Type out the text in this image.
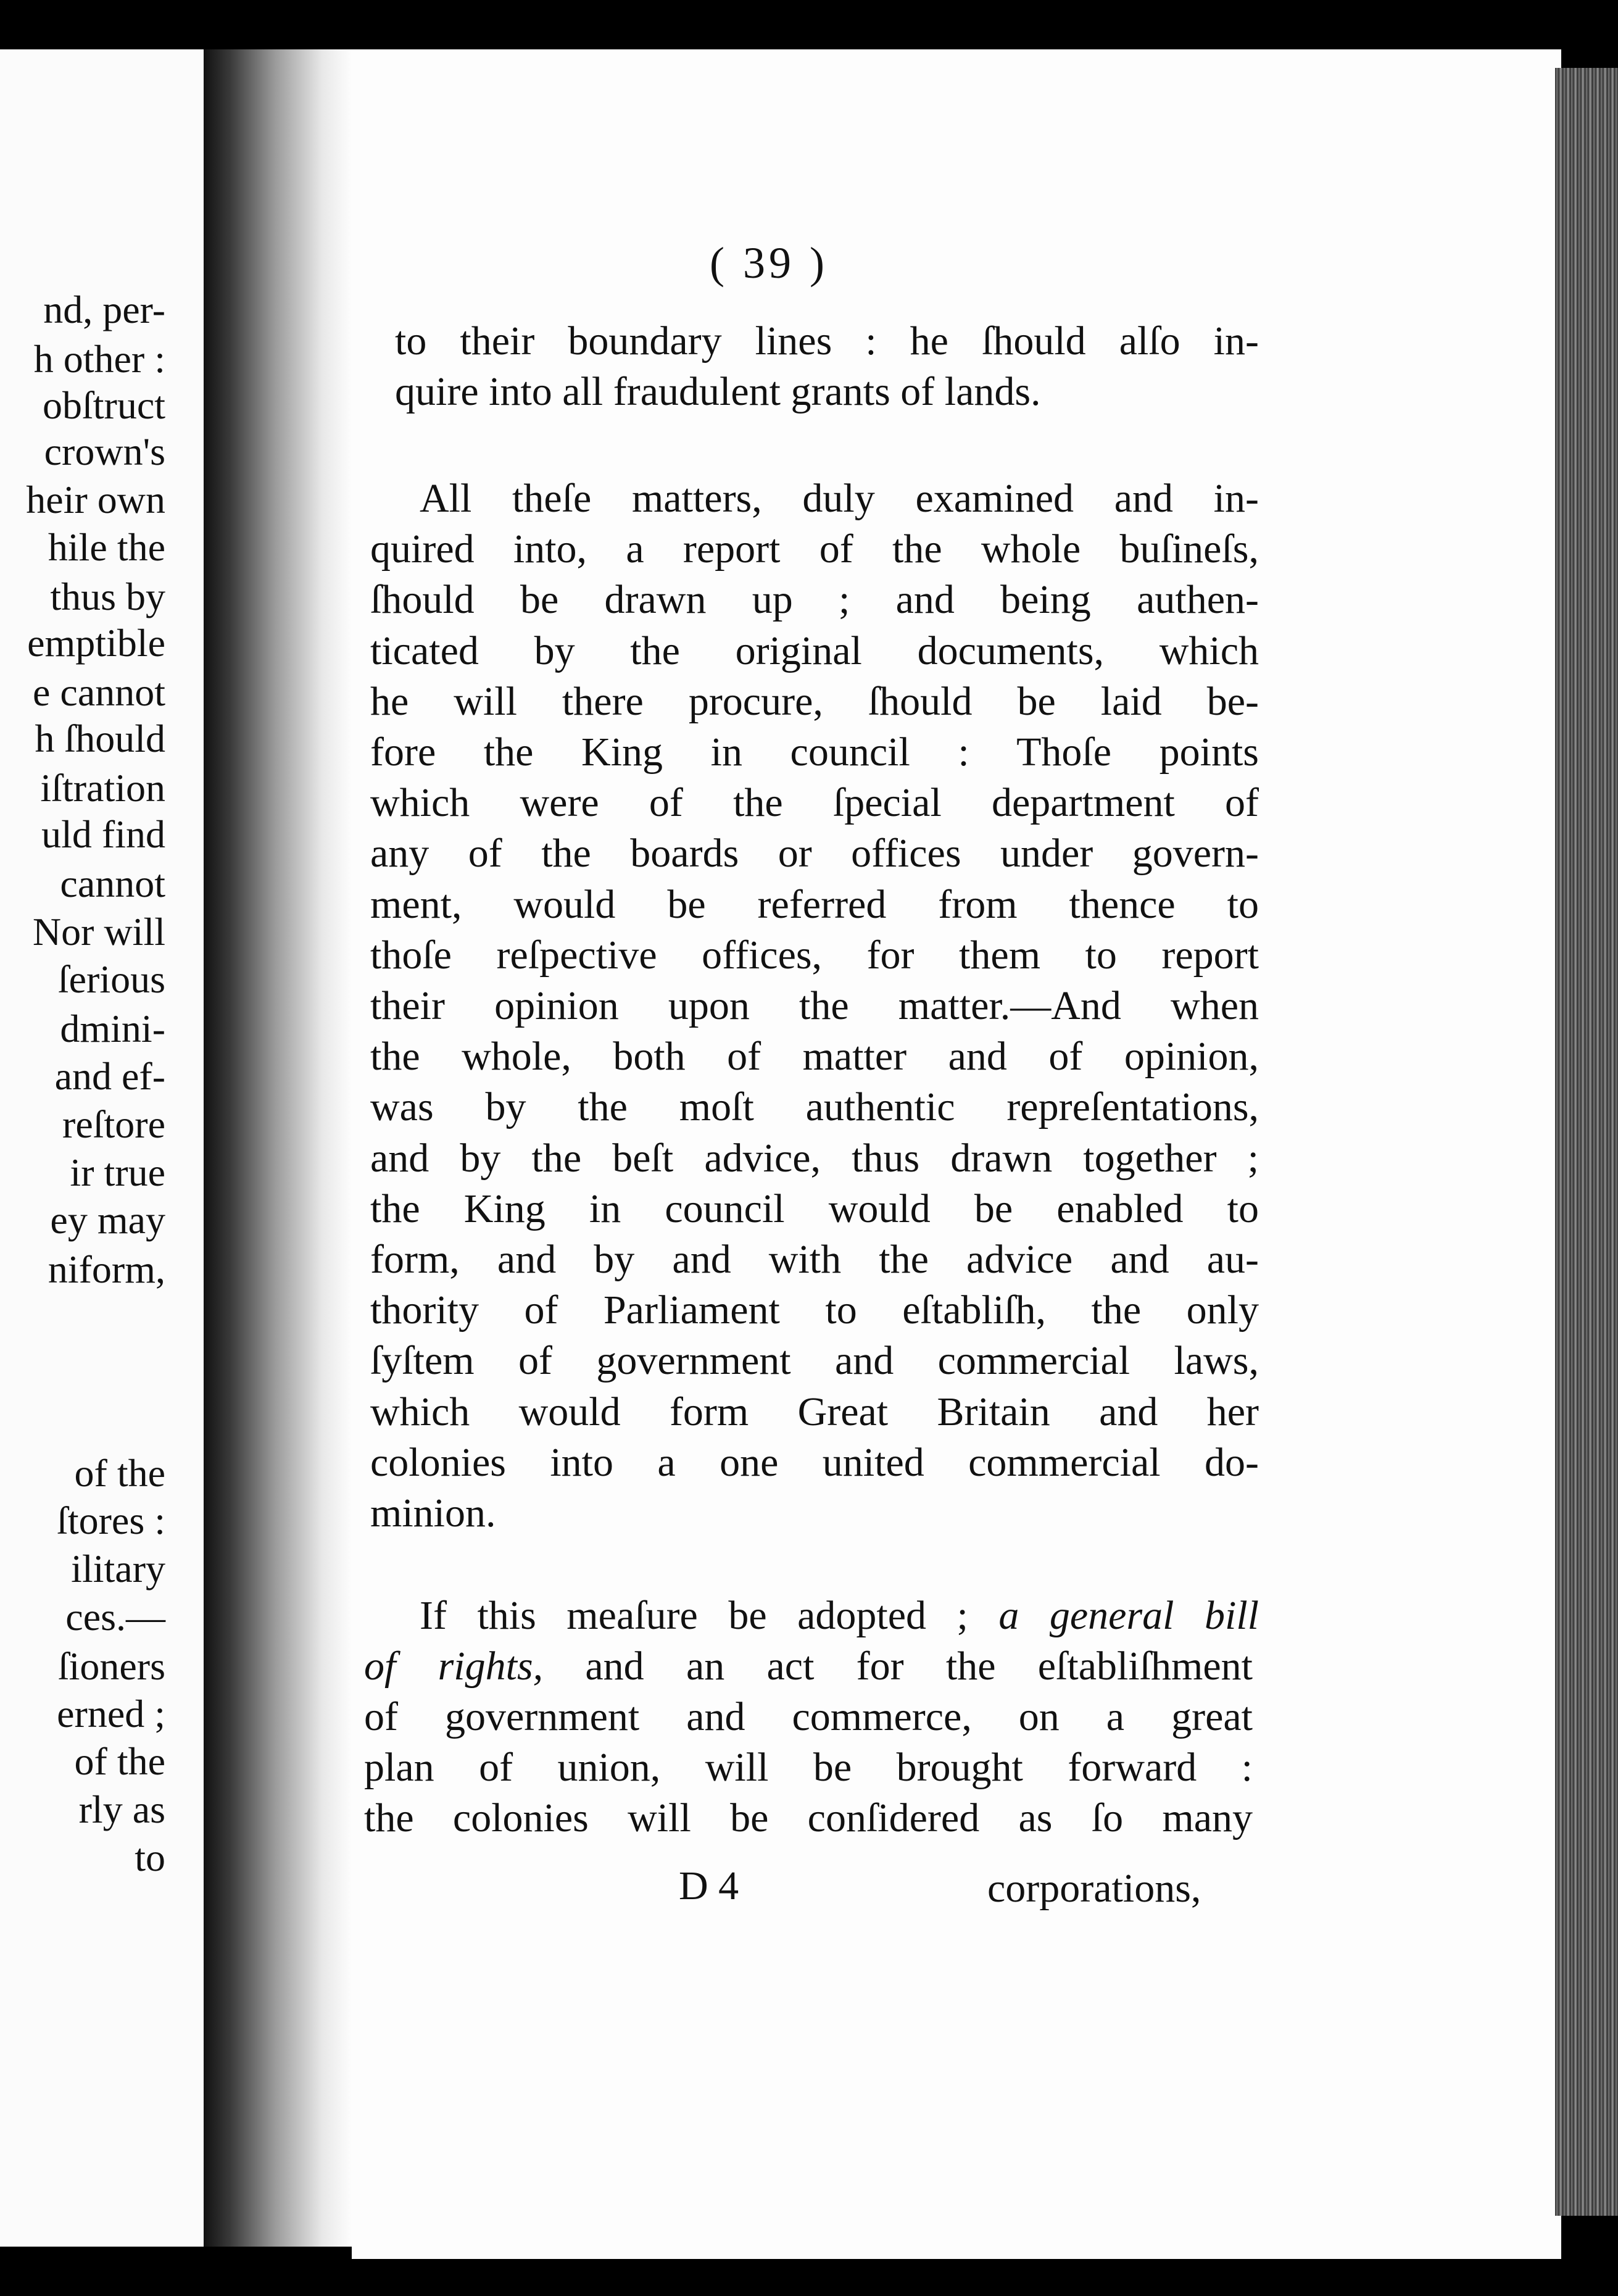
nd, per-
h other :
obſtruct
crown's
heir own
hile the
thus by
emptible
e cannot
h ſhould
iſtration
uld find
cannot
Nor will
ſerious
dmini-
and ef-
reſtore
ir true
ey may
niform,
of the
ſtores :
ilitary
ces.—
ſioners
erned ;
of the
rly as
to
( 39 )
to their boundary lines : he ſhould alſo in-
quire into all fraudulent grants of lands.
All theſe matters, duly examined and in-
quired into, a report of the whole buſineſs,
ſhould be drawn up ; and being authen-
ticated by the original documents, which
he will there procure, ſhould be laid be-
fore the King in council : Thoſe points
which were of the ſpecial department of
any of the boards or offices under govern-
ment, would be referred from thence to
thoſe reſpective offices, for them to report
their opinion upon the matter.—And when
the whole, both of matter and of opinion,
was by the moſt authentic repreſentations,
and by the beſt advice, thus drawn together ;
the King in council would be enabled to
form, and by and with the advice and au-
thority of Parliament to eſtabliſh, the only
ſyſtem of government and commercial laws,
which would form Great Britain and her
colonies into a one united commercial do-
minion.
If this meaſure be adopted ; a general bill
of rights, and an act for the eſtabliſhment
of government and commerce, on a great
plan of union, will be brought forward :
the colonies will be conſidered as ſo many
D 4	corporations,
